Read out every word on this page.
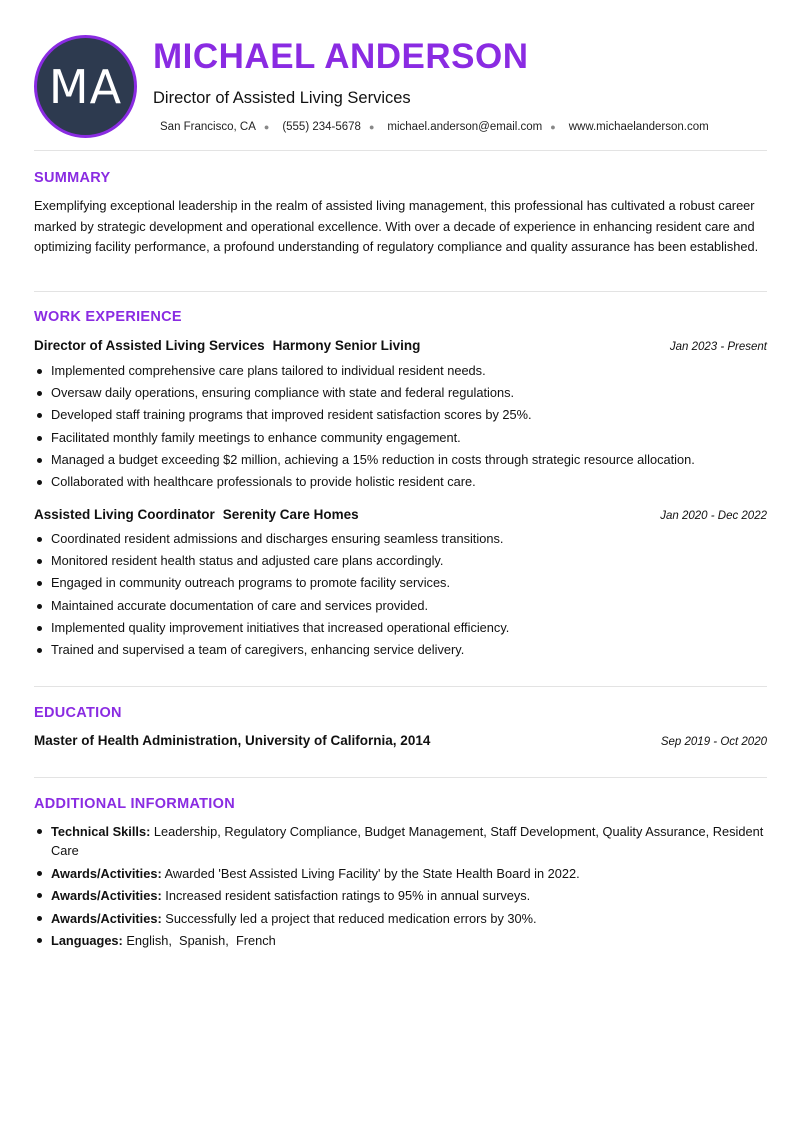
MA
MICHAEL ANDERSON
Director of Assisted Living Services
San Francisco, CA ● (555) 234-5678 ● michael.anderson@email.com ● www.michaelanderson.com
SUMMARY
Exemplifying exceptional leadership in the realm of assisted living management, this professional has cultivated a robust career marked by strategic development and operational excellence. With over a decade of experience in enhancing resident care and optimizing facility performance, a profound understanding of regulatory compliance and quality assurance has been established.
WORK EXPERIENCE
Director of Assisted Living Services Harmony Senior Living	Jan 2023 - Present
Implemented comprehensive care plans tailored to individual resident needs.
Oversaw daily operations, ensuring compliance with state and federal regulations.
Developed staff training programs that improved resident satisfaction scores by 25%.
Facilitated monthly family meetings to enhance community engagement.
Managed a budget exceeding $2 million, achieving a 15% reduction in costs through strategic resource allocation.
Collaborated with healthcare professionals to provide holistic resident care.
Assisted Living Coordinator Serenity Care Homes	Jan 2020 - Dec 2022
Coordinated resident admissions and discharges ensuring seamless transitions.
Monitored resident health status and adjusted care plans accordingly.
Engaged in community outreach programs to promote facility services.
Maintained accurate documentation of care and services provided.
Implemented quality improvement initiatives that increased operational efficiency.
Trained and supervised a team of caregivers, enhancing service delivery.
EDUCATION
Master of Health Administration, University of California, 2014	Sep 2019 - Oct 2020
ADDITIONAL INFORMATION
Technical Skills: Leadership, Regulatory Compliance, Budget Management, Staff Development, Quality Assurance, Resident Care
Awards/Activities: Awarded 'Best Assisted Living Facility' by the State Health Board in 2022.
Awards/Activities: Increased resident satisfaction ratings to 95% in annual surveys.
Awards/Activities: Successfully led a project that reduced medication errors by 30%.
Languages: English,  Spanish,  French
